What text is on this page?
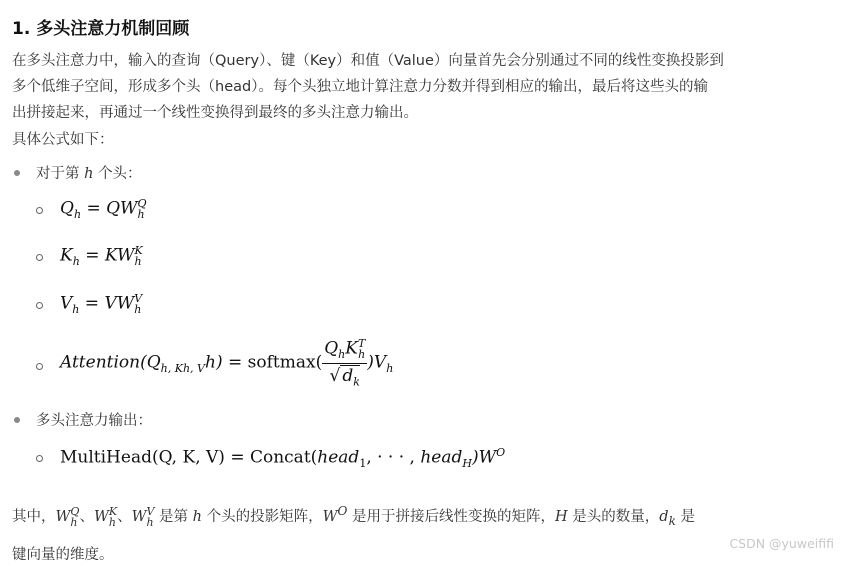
1. 多头注意力机制回顾
在多头注意力中，输入的查询（Query）、键（Key）和值（Value）向量首先会分别通过不同的线性变换投影到
多个低维子空间，形成多个头（head）。每个头独立地计算注意力分数并得到相应的输出，最后将这些头的输
出拼接起来，再通过一个线性变换得到最终的多头注意力输出。
具体公式如下：
对于第 h 个头：
$Q_h$ = QW Q
h
$K_h$ = KW K
h
$V_h$ = VW V
h
$Attention(Q_{h, Kh, V}h)$ = softmax( $Q_hK$ T
h
√ $d_k$ )$V_h$
多头注意力输出：
MultiHead(Q, K, V) = Concat(head$_1$, · · · , $head_H)W^O$
其中，W Q
h 、W K
h 、W V
h 是第 h 个头的投影矩阵，$W^O$ 是用于拼接后线性变换的矩阵，H 是头的数量，$d_k$ 是
键向量的维度。
CSDN @yuweififi
